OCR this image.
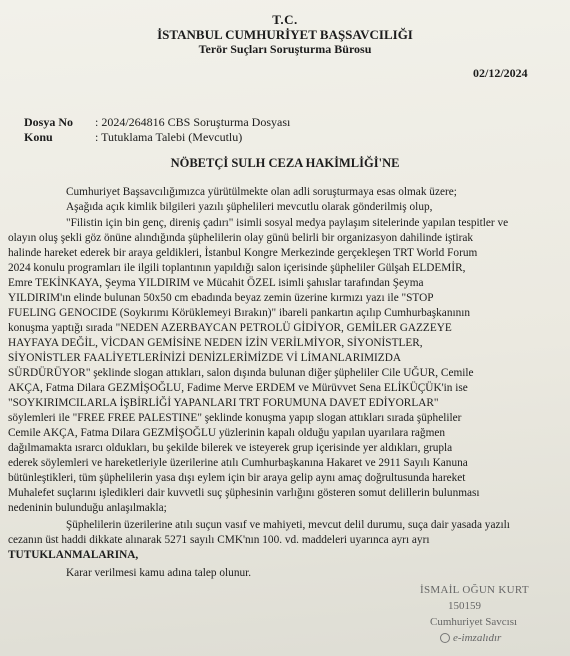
T.C.
İSTANBUL CUMHURİYET BAŞSAVCILIĞI
Terör Suçları Soruşturma Bürosu
02/12/2024
Dosya No : 2024/264816 CBS Soruşturma Dosyası
Konu	: Tutuklama Talebi (Mevcutlu)
NÖBETÇİ SULH CEZA HAKİMLİĞİ'NE
Cumhuriyet Başsavcılığımızca yürütülmekte olan adli soruşturmaya esas olmak üzere;
Aşağıda açık kimlik bilgileri yazılı şüphelileri mevcutlu olarak gönderilmiş olup,
"Filistin için bin genç, direniş çadırı" isimli sosyal medya paylaşım sitelerinde yapılan tespitler ve
olayın oluş şekli göz önüne alındığında şüphelilerin olay günü belirli bir organizasyon dahilinde iştirak
halinde hareket ederek bir araya geldikleri, İstanbul Kongre Merkezinde gerçekleşen TRT World Forum
2024 konulu programları ile ilgili toplantının yapıldığı salon içerisinde şüpheliler Gülşah ELDEMİR,
Emre TEKİNKAYA, Şeyma YILDIRIM ve Mücahit ÖZEL isimli şahıslar tarafından Şeyma
YILDIRIM'ın elinde bulunan 50x50 cm ebadında beyaz zemin üzerine kırmızı yazı ile "STOP
FUELING GENOCIDE (Soykırımı Körüklemeyi Bırakın)" ibareli pankartın açılıp Cumhurbaşkanının
konuşma yaptığı sırada "NEDEN AZERBAYCAN PETROLÜ GİDİYOR, GEMİLER GAZZEYE
HAYFAYA DEĞİL, VİCDAN GEMİSİNE NEDEN İZİN VERİLMİYOR, SİYONİSTLER,
SİYONİSTLER FAALİYETLERİNİZİ DENİZLERİMİZDE Vİ LİMANLARIMIZDA
SÜRDÜRÜYOR" şeklinde slogan attıkları, salon dışında bulunan diğer şüpheliler Cile UĞUR, Cemile
AKÇA, Fatma Dilara GEZMİŞOĞLU, Fadime Merve ERDEM ve Mürüvvet Sena ELİKÜÇÜK'in ise
"SOYKIRIMCILARLA İŞBİRLİĞİ YAPANLARI TRT FORUMUNA DAVET EDİYORLAR"
söylemleri ile "FREE FREE PALESTINE" şeklinde konuşma yapıp slogan attıkları sırada şüpheliler
Cemile AKÇA, Fatma Dilara GEZMİŞOĞLU yüzlerinin kapalı olduğu yapılan uyarılara rağmen
dağılmamakta ısrarcı oldukları, bu şekilde bilerek ve isteyerek grup içerisinde yer aldıkları, grupla
ederek söylemleri ve hareketleriyle üzerilerine atılı Cumhurbaşkanına Hakaret ve 2911 Sayılı Kanuna
bütünleştikleri, tüm şüphelilerin yasa dışı eylem için bir araya gelip aynı amaç doğrultusunda hareket
Muhalefet suçlarını işledikleri dair kuvvetli suç şüphesinin varlığını gösteren somut delillerin bulunması
nedeninin bulunduğu anlaşılmakla;
Şüphelilerin üzerilerine atılı suçun vasıf ve mahiyeti, mevcut delil durumu, suça dair yasada yazılı
cezanın üst haddi dikkate alınarak 5271 sayılı CMK'nın 100. vd. maddeleri uyarınca ayrı ayrı
TUTUKLANMALARINA,
Karar verilmesi kamu adına talep olunur.
İSMAİL OĞUN KURT
150159
Cumhuriyet Savcısı
e-imzalıdır
